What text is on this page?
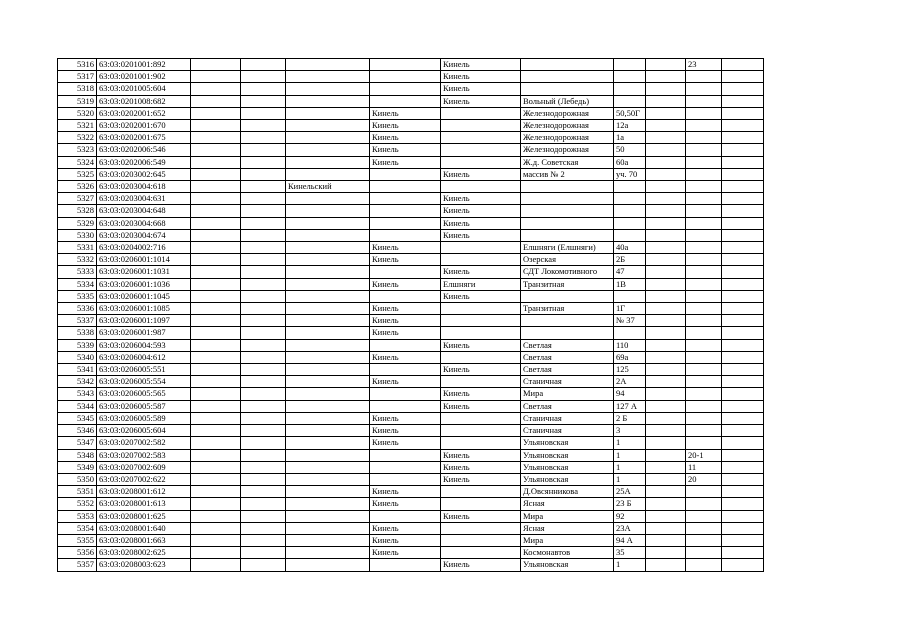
5316	63:03:0201001:892					Кинель				23	
5317	63:03:0201001:902					Кинель					
5318	63:03:0201005:604					Кинель					
5319	63:03:0201008:682					Кинель	Вольный (Лебедь)				
5320	63:03:0202001:652				Кинель		Железнодорожная	50,50Г			
5321	63:03:0202001:670				Кинель		Железнодорожная	12а			
5322	63:03:0202001:675				Кинель		Железнодорожная	1а			
5323	63:03:0202006:546				Кинель		Железнодорожная	50			
5324	63:03:0202006:549				Кинель		Ж.д. Советская	60а			
5325	63:03:0203002:645					Кинель	массив № 2	уч. 70			
5326	63:03:0203004:618			Кинельский							
5327	63:03:0203004:631					Кинель					
5328	63:03:0203004:648					Кинель					
5329	63:03:0203004:668					Кинель					
5330	63:03:0203004:674					Кинель					
5331	63:03:0204002:716				Кинель		Елшняги (Елшняги)	40а			
5332	63:03:0206001:1014				Кинель		Озерская	2Б			
5333	63:03:0206001:1031					Кинель	СДТ Локомотивного	47			
5334	63:03:0206001:1036				Кинель	Елшняги	Транзитная	1В			
5335	63:03:0206001:1045					Кинель					
5336	63:03:0206001:1085				Кинель		Транзитная	1Г			
5337	63:03:0206001:1097				Кинель			№ 37			
5338	63:03:0206001:987				Кинель						
5339	63:03:0206004:593					Кинель	Светлая	110			
5340	63:03:0206004:612				Кинель		Светлая	69а			
5341	63:03:0206005:551					Кинель	Светлая	125			
5342	63:03:0206005:554				Кинель		Станичная	2А			
5343	63:03:0206005:565					Кинель	Мира	94			
5344	63:03:0206005:587					Кинель	Светлая	127 А			
5345	63:03:0206005:589				Кинель		Станичная	2 Б			
5346	63:03:0206005:604				Кинель		Станичная	3			
5347	63:03:0207002:582				Кинель		Ульяновская	1			
5348	63:03:0207002:583					Кинель	Ульяновская	1		20-1	
5349	63:03:0207002:609					Кинель	Ульяновская	1		11	
5350	63:03:0207002:622					Кинель	Ульяновская	1		20	
5351	63:03:0208001:612				Кинель		Д.Овсянникова	25А			
5352	63:03:0208001:613				Кинель		Ясная	23 Б			
5353	63:03:0208001:625					Кинель	Мира	92			
5354	63:03:0208001:640				Кинель		Ясная	23А			
5355	63:03:0208001:663				Кинель		Мира	94 А			
5356	63:03:0208002:625				Кинель		Космонавтов	35			
5357	63:03:0208003:623					Кинель	Ульяновская	1			
